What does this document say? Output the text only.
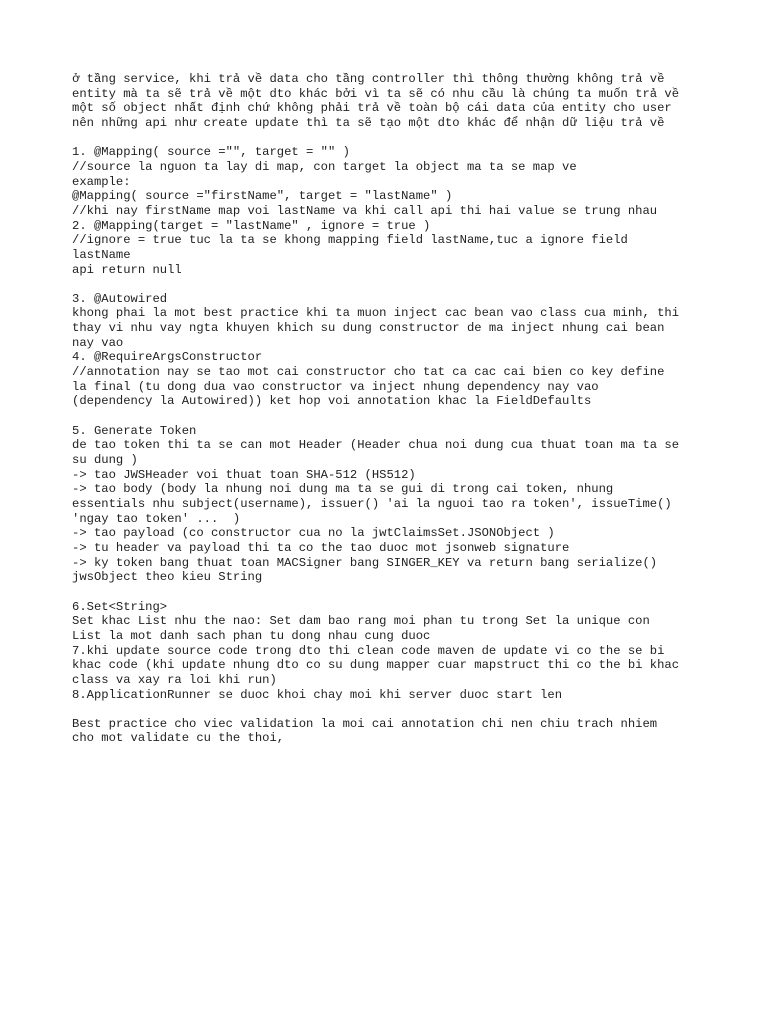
ở tầng service, khi trả về data cho tầng controller thì thông thường không trả về
entity mà ta sẽ trả về một dto khác bởi vì ta sẽ có nhu cầu là chúng ta muốn trả về
một số object nhất định chứ không phải trả về toàn bộ cái data của entity cho user
nên những api như create update thì ta sẽ tạo một dto khác để nhận dữ liệu trả về
1. @Mapping( source ="", target = "" )
//source la nguon ta lay di map, con target la object ma ta se map ve
example:
@Mapping( source ="firstName", target = "lastName" )
//khi nay firstName map voi lastName va khi call api thi hai value se trung nhau
2. @Mapping(target = "lastName" , ignore = true )
//ignore = true tuc la ta se khong mapping field lastName,tuc a ignore field
lastName
api return null
3. @Autowired
khong phai la mot best practice khi ta muon inject cac bean vao class cua minh, thi
thay vi nhu vay ngta khuyen khich su dung constructor de ma inject nhung cai bean
nay vao
4. @RequireArgsConstructor
//annotation nay se tao mot cai constructor cho tat ca cac cai bien co key define
la final (tu dong dua vao constructor va inject nhung dependency nay vao
(dependency la Autowired)) ket hop voi annotation khac la FieldDefaults
5. Generate Token
de tao token thi ta se can mot Header (Header chua noi dung cua thuat toan ma ta se
su dung )
-> tao JWSHeader voi thuat toan SHA-512 (HS512)
-> tao body (body la nhung noi dung ma ta se gui di trong cai token, nhung
essentials nhu subject(username), issuer() 'ai la nguoi tao ra token', issueTime()
'ngay tao token' ...  )
-> tao payload (co constructor cua no la jwtClaimsSet.JSONObject )
-> tu header va payload thi ta co the tao duoc mot jsonweb signature
-> ky token bang thuat toan MACSigner bang SINGER_KEY va return bang serialize()
jwsObject theo kieu String
6.Set<String>
Set khac List nhu the nao: Set dam bao rang moi phan tu trong Set la unique con
List la mot danh sach phan tu dong nhau cung duoc
7.khi update source code trong dto thi clean code maven de update vi co the se bi
khac code (khi update nhung dto co su dung mapper cuar mapstruct thi co the bi khac
class va xay ra loi khi run)
8.ApplicationRunner se duoc khoi chay moi khi server duoc start len
Best practice cho viec validation la moi cai annotation chi nen chiu trach nhiem
cho mot validate cu the thoi,
